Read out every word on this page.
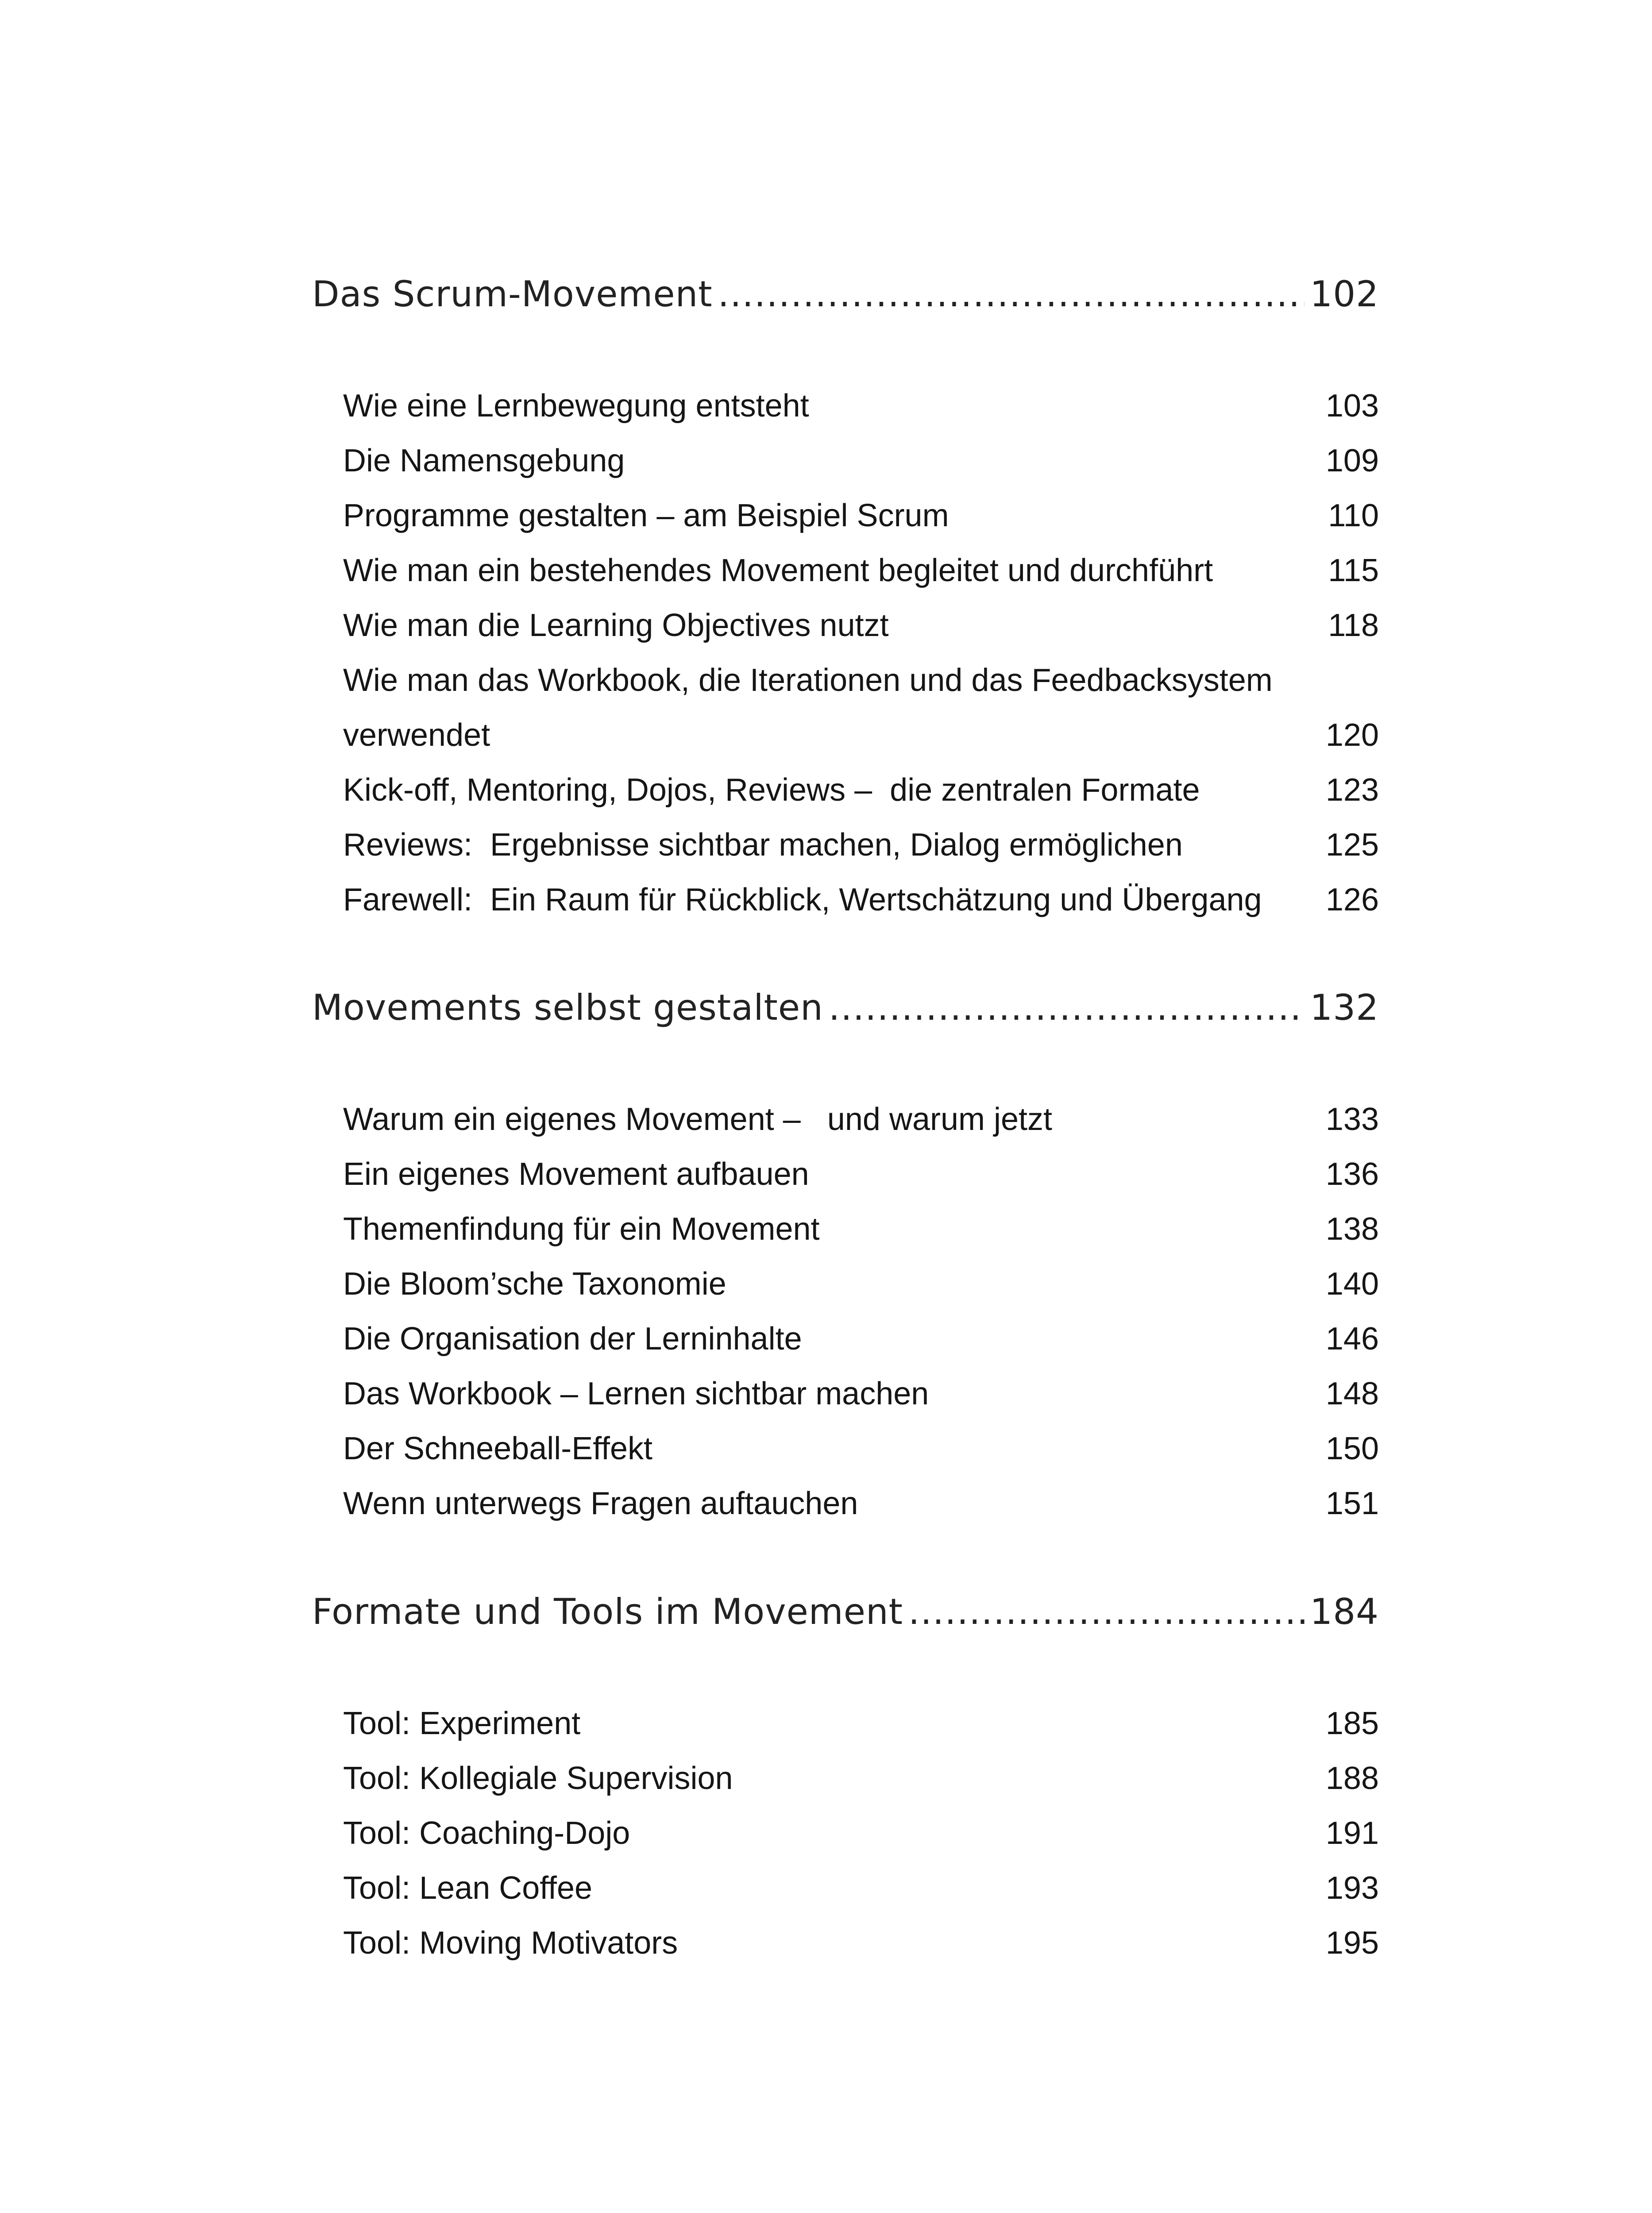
Das Scrum-Movement .....	102
Wie eine Lernbewegung entsteht	103
Die Namensgebung	109
Programme gestalten – am Beispiel Scrum	110
Wie man ein bestehendes Movement begleitet und durchführt	115
Wie man die Learning Objectives nutzt	118
Wie man das Workbook, die Iterationen und das Feedbacksystem
verwendet	120
Kick-off, Mentoring, Dojos, Reviews –  die zentralen Formate	123
Reviews:  Ergebnisse sichtbar machen, Dialog ermöglichen	125
Farewell:  Ein Raum für Rückblick, Wertschätzung und Übergang 126
Movements selbst gestalten .....	132
Warum ein eigenes Movement –   und warum jetzt	133
Ein eigenes Movement aufbauen	136
Themenfindung für ein Movement	138
Die Bloom’sche Taxonomie	140
Die Organisation der Lerninhalte	146
Das Workbook – Lernen sichtbar machen	148
Der Schneeball-Effekt	150
Wenn unterwegs Fragen auftauchen	151
Formate und Tools im Movement .....	184
Tool: Experiment	185
Tool: Kollegiale Supervision	188
Tool: Coaching-Dojo	191
Tool: Lean Coffee	193
Tool: Moving Motivators	195
